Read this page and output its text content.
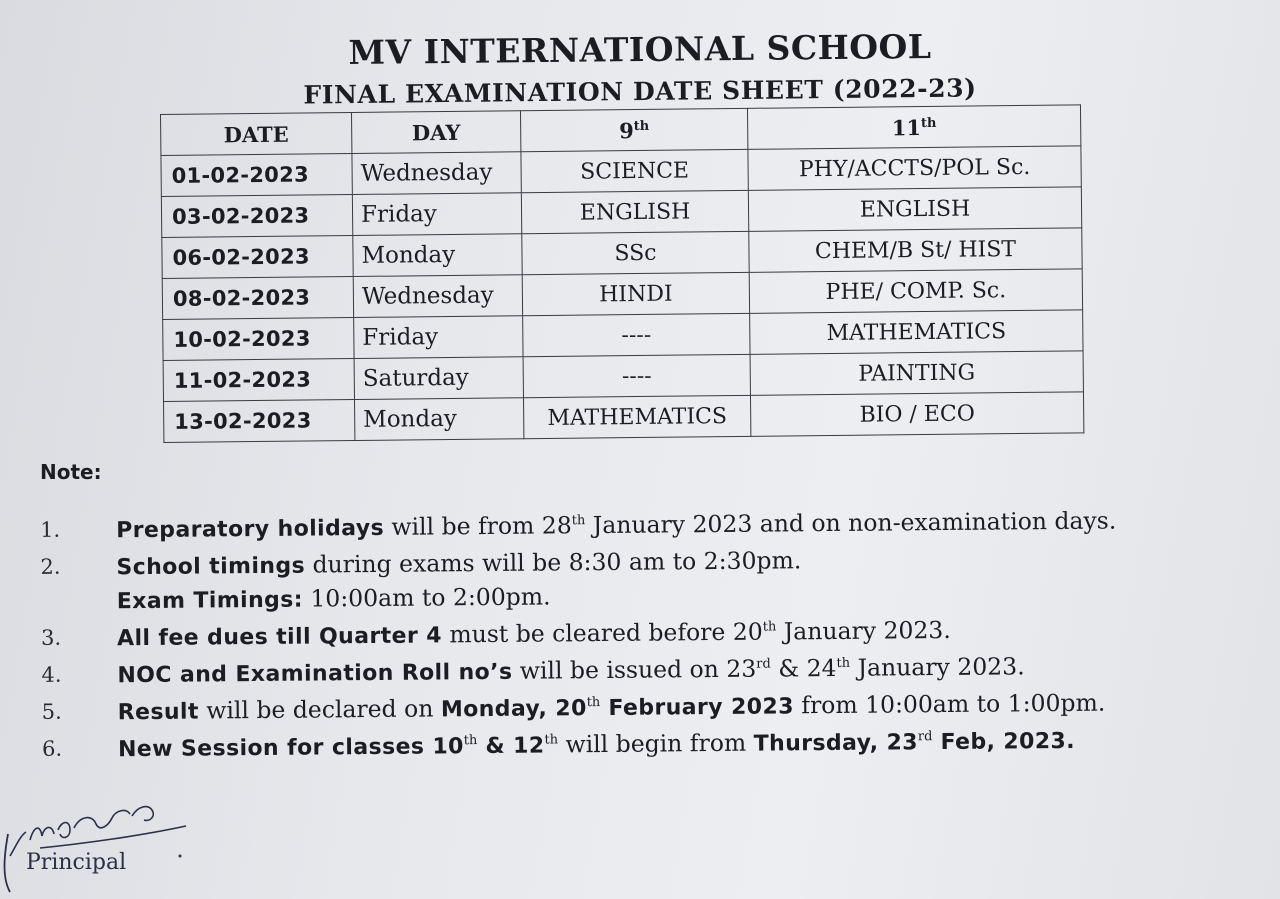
MV INTERNATIONAL SCHOOL
FINAL EXAMINATION DATE SHEET (2022-23)
DATE	DAY	9th	11th
01-02-2023	Wednesday	SCIENCE	PHY/ACCTS/POL Sc.
03-02-2023	Friday	ENGLISH	ENGLISH
06-02-2023	Monday	SSc	CHEM/B St/ HIST
08-02-2023	Wednesday	HINDI	PHE/ COMP. Sc.
10-02-2023	Friday	----	MATHEMATICS
11-02-2023	Saturday	----	PAINTING
13-02-2023	Monday	MATHEMATICS	BIO / ECO
Note:
1.	Preparatory holidays will be from 28th January 2023 and on non-examination days.
2.	School timings during exams will be 8:30 am to 2:30pm.
Exam Timings: 10:00am to 2:00pm.
3.	All fee dues till Quarter 4 must be cleared before 20th January 2023.
4.	NOC and Examination Roll no’s will be issued on 23rd & 24th January 2023.
5.	Result will be declared on Monday, 20th February 2023 from 10:00am to 1:00pm.
6.	New Session for classes 10th & 12th will begin from Thursday, 23rd Feb, 2023.
Principal
